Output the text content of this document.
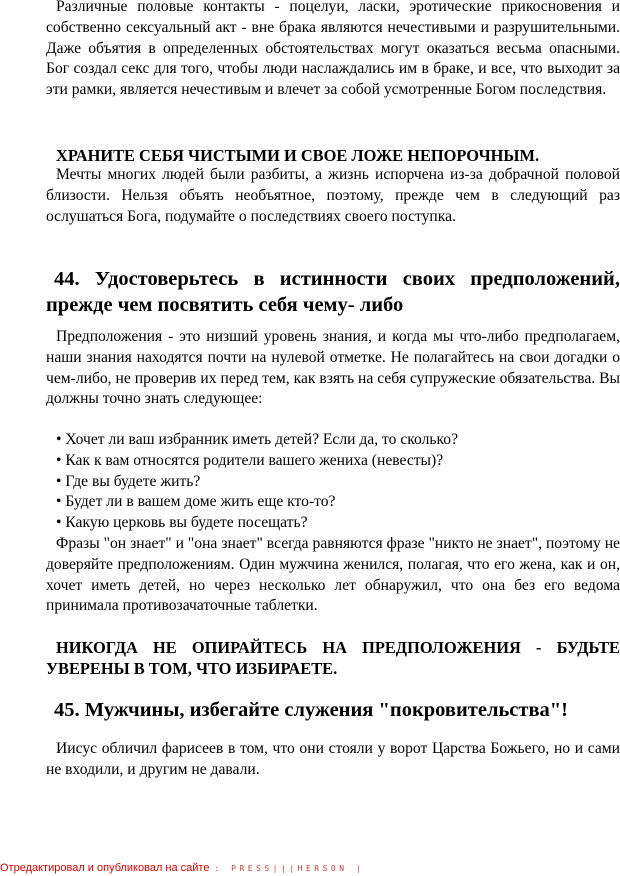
Различные половые контакты - поцелуи, ласки, эротические прикосновения и собственно сексуальный акт - вне брака являются нечестивыми и разрушительными. Даже объятия в определенных обстоятельствах могут оказаться весьма опасными. Бог создал секс для того, чтобы люди наслаждались им в браке, и все, что выходит за эти рамки, является нечестивым и влечет за собой усмотренные Богом последствия.

ХРАНИТЕ СЕБЯ ЧИСТЫМИ И СВОЕ ЛОЖЕ НЕПОРОЧНЫМ.

Мечты многих людей были разбиты, а жизнь испорчена из-за добрачной половой близости. Нельзя объять необъятное, поэтому, прежде чем в следующий раз ослушаться Бога, подумайте о последствиях своего поступка.

44. Удостоверьтесь в истинности своих предположений, прежде чем посвятить себя чему- либо

Предположения - это низший уровень знания, и когда мы что-либо предполагаем, наши знания находятся почти на нулевой отметке. Не полагайтесь на свои догадки о чем-либо, не проверив их перед тем, как взять на себя супружеские обязательства. Вы должны точно знать следующее:

• Хочет ли ваш избранник иметь детей? Если да, то сколько?
• Как к вам относятся родители вашего жениха (невесты)?
• Где вы будете жить?
• Будет ли в вашем доме жить еще кто-то?
• Какую церковь вы будете посещать?

Фразы "он знает" и "она знает" всегда равняются фразе "никто не знает", поэтому не доверяйте предположениям. Один мужчина женился, полагая, что его жена, как и он, хочет иметь детей, но через несколько лет обнаружил, что она без его ведома принимала противозачаточные таблетки.

НИКОГДА НЕ ОПИРАЙТЕСЬ НА ПРЕДПОЛОЖЕНИЯ - БУДЬТЕ УВЕРЕНЫ В ТОМ, ЧТО ИЗБИРАЕТЕ.

45. Мужчины, избегайте служения "покровительства"!

Иисус обличил фарисеев в том, что они стояли у ворот Царства Божьего, но и сами не входили, и другим не давали.

Отредактировал и опубликовал на сайте : PRESS|||HERSON |
